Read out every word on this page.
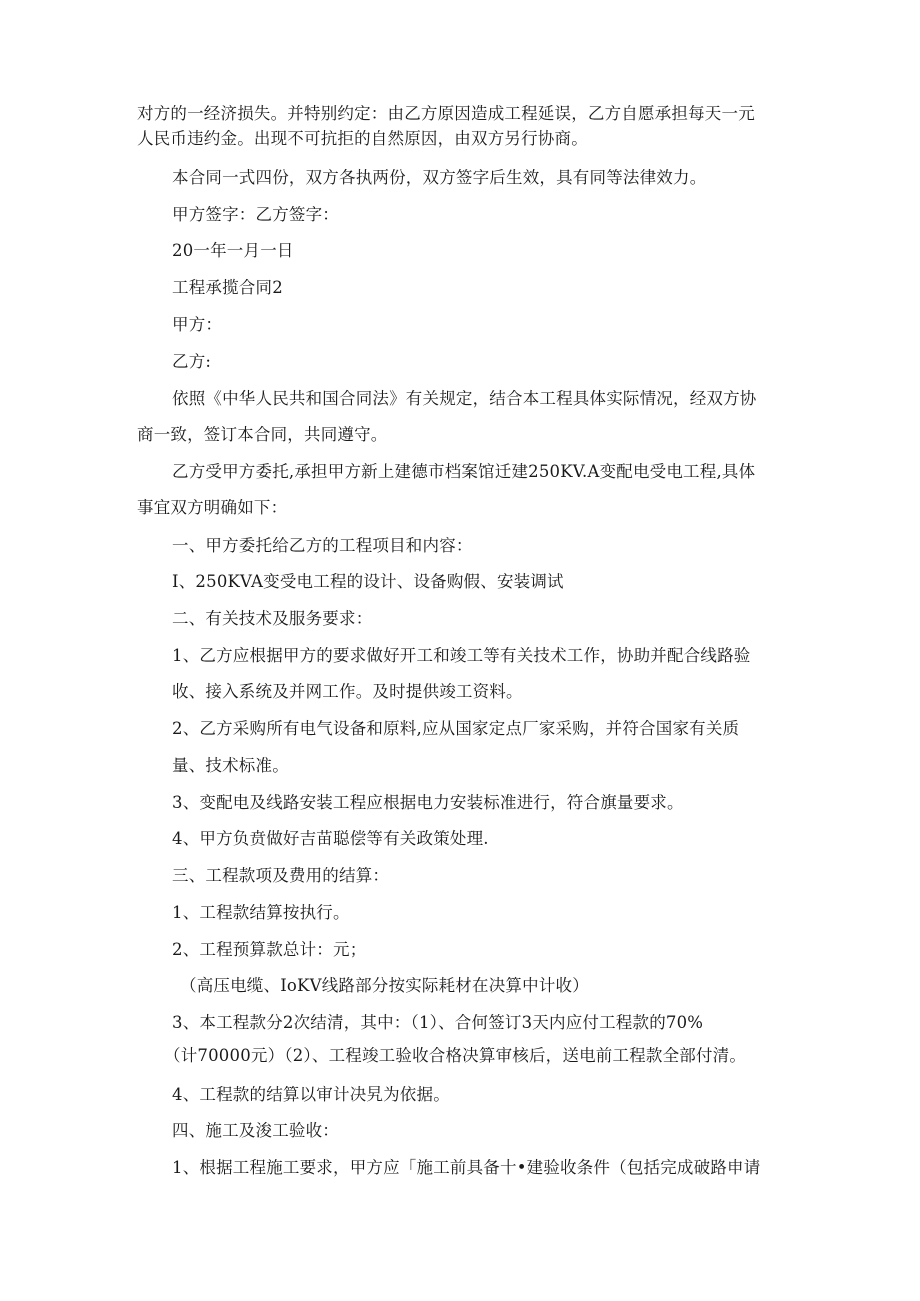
对方的一经济损失。并特别约定：由乙方原因造成工程延误，乙方自愿承担每天一元
人民币违约金。出现不可抗拒的自然原因，由双方另行协商。
本合同一式四份，双方各执两份，双方签字后生效，具有同等法律效力。
甲方签字：乙方签字：
20一年一月一日
工程承揽合同2
甲方：
乙方:
依照《中华人民共和国合同法》有关规定，结合本工程具体实际情况，经双方协
商一致，签订本合同，共同遵守。
乙方受甲方委托,承担甲方新上建德市档案馆迁建250KV.A变配电受电工程,具体
事宜双方明确如下：
一、甲方委托给乙方的工程项目和内容：
I、250KVA变受电工程的设计、设备购假、安装调试
二、有关技术及服务要求：
1、乙方应根据甲方的要求做好开工和竣工等有关技术工作，协助并配合线路验
收、接入系统及并网工作。及时提供竣工资料。
2、乙方采购所有电气设备和原料,应从国家定点厂家采购，并符合国家有关质
量、技术标准。
3、变配电及线路安装工程应根据电力安装标准进行，符合旗量要求。
4、甲方负贲做好吉苗聪偿等有关政策处理.
三、工程款项及费用的结算：
1、工程款结算按执行。
2、工程预算款总计：元；
（高压电缆、IoKV线路部分按实际耗材在决算中计收）
3、本工程款分2次结清，其中：（1）、合何签订3天内应付工程款的70%
（计70000元）（2）、工程竣工验收合格决算审核后，送电前工程款全部付清。
4、工程款的结算以审计决旯为依据。
四、施工及浚工验收：
1、根据工程施工要求，甲方应「施工前具备十•建验收条件（包括完成破路申请
